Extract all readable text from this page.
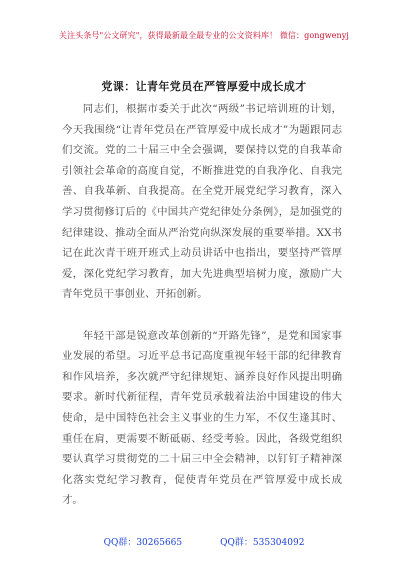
关注头条号"公文研究"，获得最新最全最专业的公文资料库！ 微信：gongwenyj
党课：让青年党员在严管厚爱中成长成才

同志们，根据市委关于此次“两级”书记培训班的计划，今天我围绕“让青年党员在严管厚爱中成长成才”为题跟同志们交流。党的二十届三中全会强调，要保持以党的自我革命引领社会革命的高度自觉，不断推进党的自我净化、自我完善、自我革新、自我提高。在全党开展党纪学习教育，深入学习贯彻修订后的《中国共产党纪律处分条例》，是加强党的纪律建设、推动全面从严治党向纵深发展的重要举措。XX书记在此次青干班开班式上动员讲话中也指出，要坚持严管厚爱，深化党纪学习教育，加大先进典型培树力度，激励广大青年党员干事创业、开拓创新。

年轻干部是锐意改革创新的“开路先锋”，是党和国家事业发展的希望。习近平总书记高度重视年轻干部的纪律教育和作风培养，多次就严守纪律规矩、涵养良好作风提出明确要求。新时代新征程，青年党员承载着法治中国建设的伟大使命，是中国特色社会主义事业的生力军，不仅生逢其时、重任在肩，更需要不断砥砺、经受考验。因此，各级党组织要认真学习贯彻党的二十届三中全会精神，以钉钉子精神深化落实党纪学习教育，促使青年党员在严管厚爱中成长成才。

QQ群：30265665	QQ群：535304092
